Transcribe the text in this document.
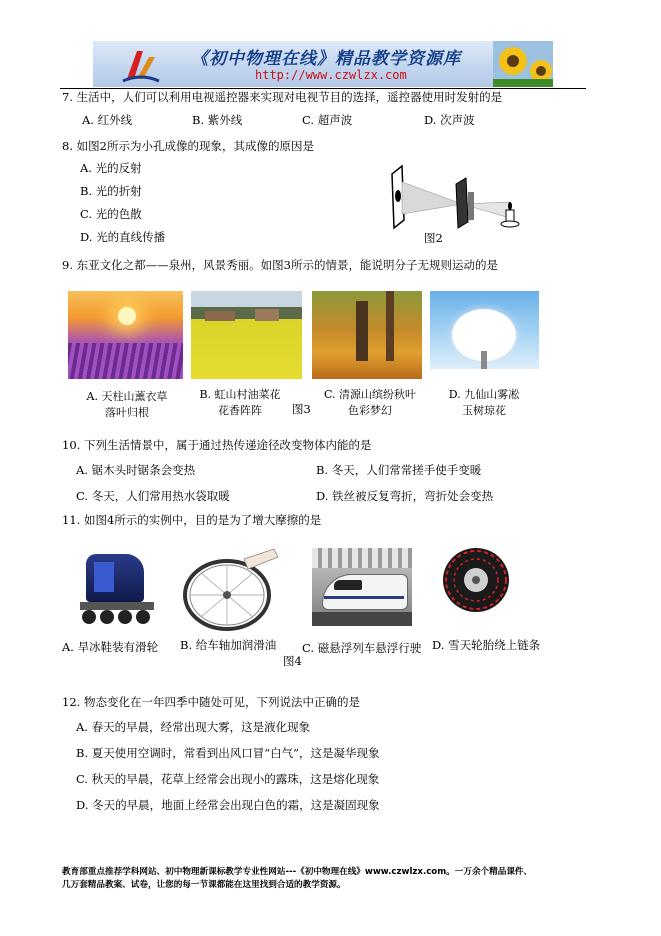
《初中物理在线》精品教学资源库
http://www.czwlzx.com
7. 生活中，人们可以利用电视遥控器来实现对电视节目的选择，遥控器使用时发射的是
A. 红外线	B. 紫外线	C. 超声波	D. 次声波
8. 如图2所示为小孔成像的现象，其成像的原因是
A. 光的反射
B. 光的折射
C. 光的色散
D. 光的直线传播	图2
9. 东亚文化之都——泉州，风景秀丽。如图3所示的情景，能说明分子无规则运动的是
A. 天柱山薰衣草
落叶归根
B. 虹山村油菜花
花香阵阵	图3
C. 清源山缤纷秋叶
色彩梦幻
D. 九仙山雾凇
玉树琼花
10. 下列生活情景中，属于通过热传递途径改变物体内能的是
A. 锯木头时锯条会变热	B. 冬天，人们常常搓手使手变暖
C. 冬天，人们常用热水袋取暖	D. 铁丝被反复弯折，弯折处会变热
11. 如图4所示的实例中，目的是为了增大摩擦的是
A. 旱冰鞋装有滑轮 B. 给车轴加润滑油 C. 磁悬浮列车悬浮行驶 D. 雪天轮胎绕上链条
图4
12. 物态变化在一年四季中随处可见，下列说法中正确的是
A. 春天的早晨，经常出现大雾，这是液化现象
B. 夏天使用空调时，常看到出风口冒“白气”，这是凝华现象
C. 秋天的早晨，花草上经常会出现小的露珠，这是熔化现象
D. 冬天的早晨，地面上经常会出现白色的霜，这是凝固现象
教育部重点推荐学科网站、初中物理新课标教学专业性网站---《初中物理在线》www.czwlzx.com。一万余个精品课件、
几万套精品教案、试卷，让您的每一节课都能在这里找到合适的教学资源。
